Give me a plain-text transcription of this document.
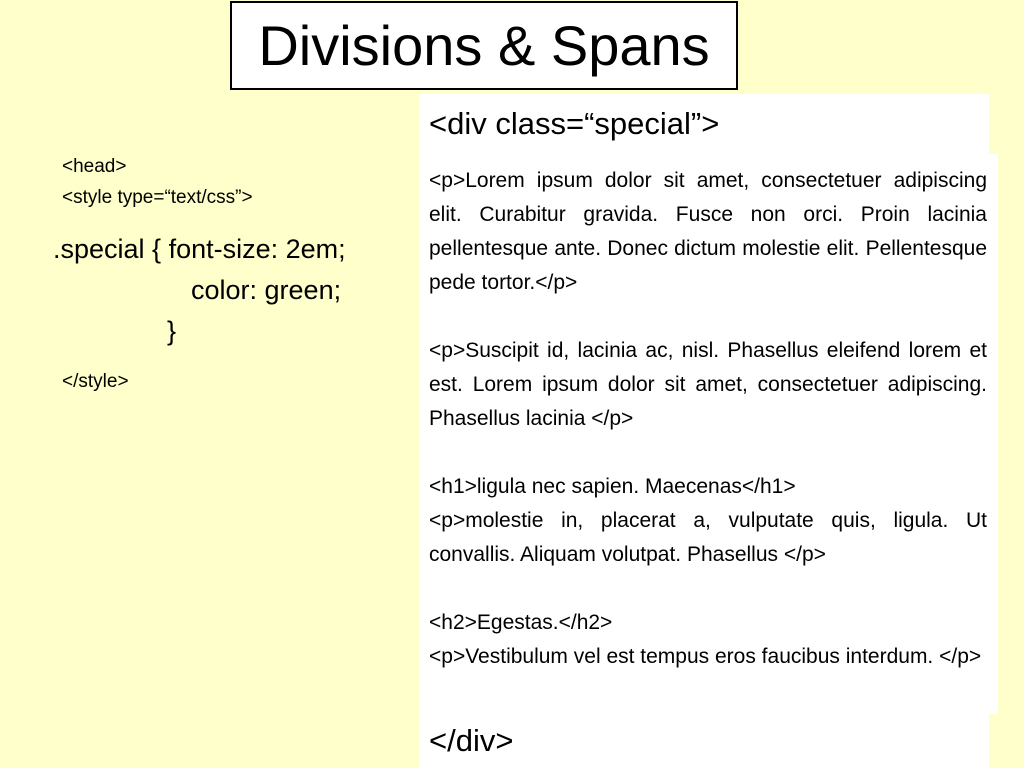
Divisions & Spans
<head>
<style type=“text/css”>
.special { font-size: 2em;
color: green;
}
</style>
<div class=“special”>

<p>Lorem ipsum dolor sit amet, consectetuer adipiscing elit. Curabitur gravida. Fusce non orci. Proin lacinia pellentesque ante. Donec dictum molestie elit. Pellentesque pede tortor.</p>

<p>Suscipit id, lacinia ac, nisl. Phasellus eleifend lorem et est. Lorem ipsum dolor sit amet, consectetuer adipiscing. Phasellus lacinia </p>

<h1>ligula nec sapien. Maecenas</h1>

<p>molestie in, placerat a, vulputate quis, ligula. Ut convallis. Aliquam volutpat. Phasellus </p>

<h2>Egestas.</h2>

<p>Vestibulum vel est tempus eros faucibus interdum. </p>

</div>
